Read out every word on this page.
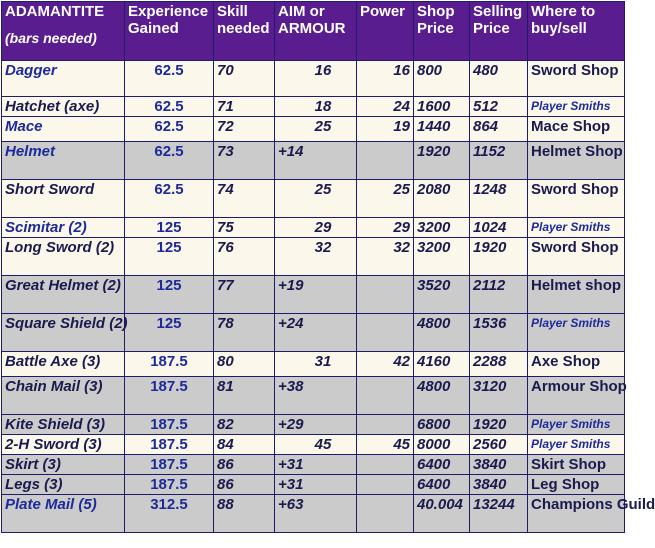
ADAMANTITE
(bars needed)	Experience Gained	Skill needed	AIM or ARMOUR	Power	Shop Price	Selling Price	Where to buy/sell
Dagger	62.5	70	16	16	800	480	Sword Shop
Hatchet (axe)	62.5	71	18	24	1600	512	Player Smiths
Mace	62.5	72	25	19	1440	864	Mace Shop
Helmet	62.5	73	+14		1920	1152	Helmet Shop
Short Sword	62.5	74	25	25	2080	1248	Sword Shop
Scimitar (2)	125	75	29	29	3200	1024	Player Smiths
Long Sword (2)	125	76	32	32	3200	1920	Sword Shop
Great Helmet (2)	125	77	+19		3520	2112	Helmet shop
Square Shield (2)	125	78	+24		4800	1536	Player Smiths
Battle Axe (3)	187.5	80	31	42	4160	2288	Axe Shop
Chain Mail (3)	187.5	81	+38		4800	3120	Armour Shop
Kite Shield (3)	187.5	82	+29		6800	1920	Player Smiths
2-H Sword (3)	187.5	84	45	45	8000	2560	Player Smiths
Skirt (3)	187.5	86	+31		6400	3840	Skirt Shop
Legs (3)	187.5	86	+31		6400	3840	Leg Shop
Plate Mail (5)	312.5	88	+63		40.004	13244	Champions Guild
